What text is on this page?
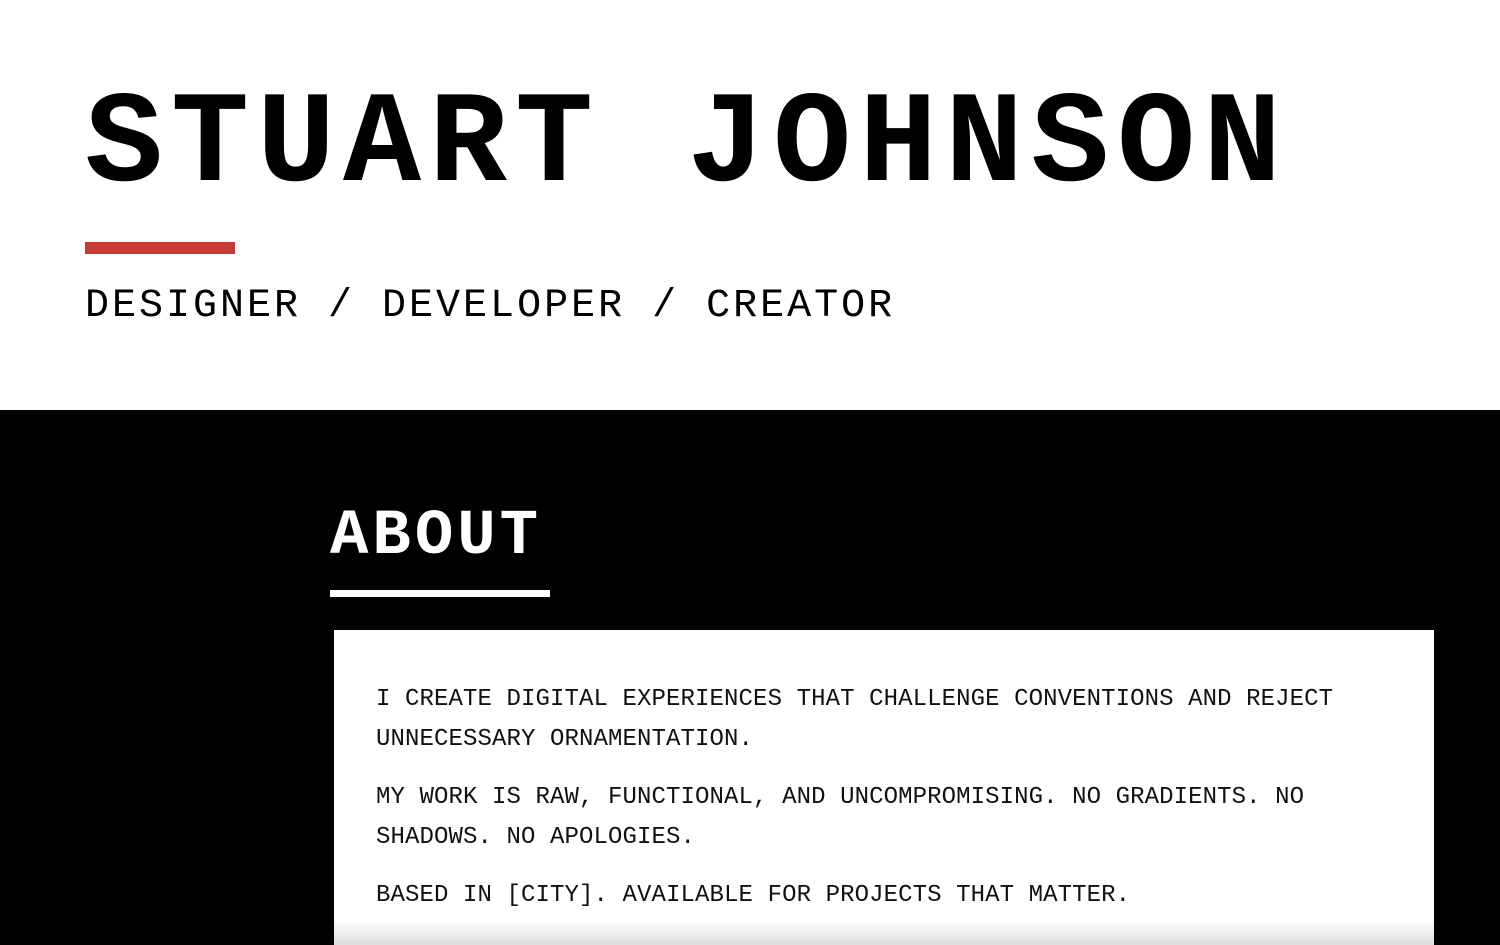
STUART JOHNSON

DESIGNER / DEVELOPER / CREATOR

ABOUT

I CREATE DIGITAL EXPERIENCES THAT CHALLENGE CONVENTIONS AND REJECT UNNECESSARY ORNAMENTATION.

MY WORK IS RAW, FUNCTIONAL, AND UNCOMPROMISING. NO GRADIENTS. NO SHADOWS. NO APOLOGIES.

BASED IN [CITY]. AVAILABLE FOR PROJECTS THAT MATTER.
